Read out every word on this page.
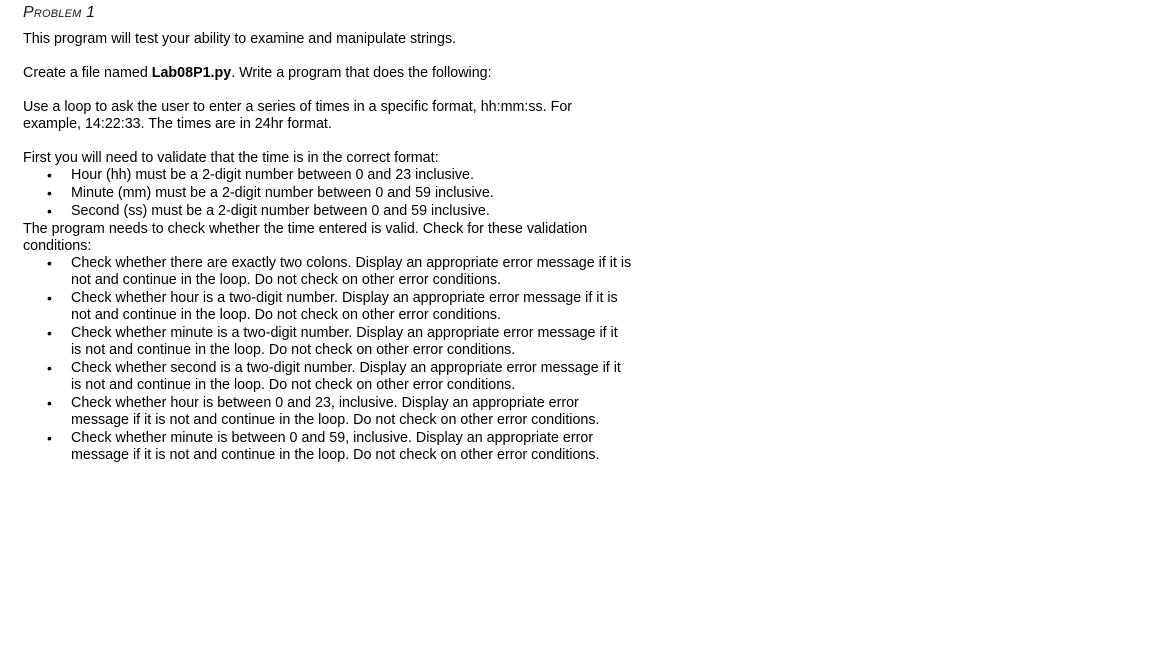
Problem 1

This program will test your ability to examine and manipulate strings.

Create a file named Lab08P1.py. Write a program that does the following:

Use a loop to ask the user to enter a series of times in a specific format, hh:mm:ss. For
example, 14:22:33. The times are in 24hr format.

First you will need to validate that the time is in the correct format:

• Hour (hh) must be a 2-digit number between 0 and 23 inclusive.
• Minute (mm) must be a 2-digit number between 0 and 59 inclusive.
• Second (ss) must be a 2-digit number between 0 and 59 inclusive.

The program needs to check whether the time entered is valid. Check for these validation
conditions:

• Check whether there are exactly two colons. Display an appropriate error message if it is
not and continue in the loop. Do not check on other error conditions.
• Check whether hour is a two-digit number. Display an appropriate error message if it is
not and continue in the loop. Do not check on other error conditions.
• Check whether minute is a two-digit number. Display an appropriate error message if it
is not and continue in the loop. Do not check on other error conditions.
• Check whether second is a two-digit number. Display an appropriate error message if it
is not and continue in the loop. Do not check on other error conditions.
• Check whether hour is between 0 and 23, inclusive. Display an appropriate error
message if it is not and continue in the loop. Do not check on other error conditions.
• Check whether minute is between 0 and 59, inclusive. Display an appropriate error
message if it is not and continue in the loop. Do not check on other error conditions.
